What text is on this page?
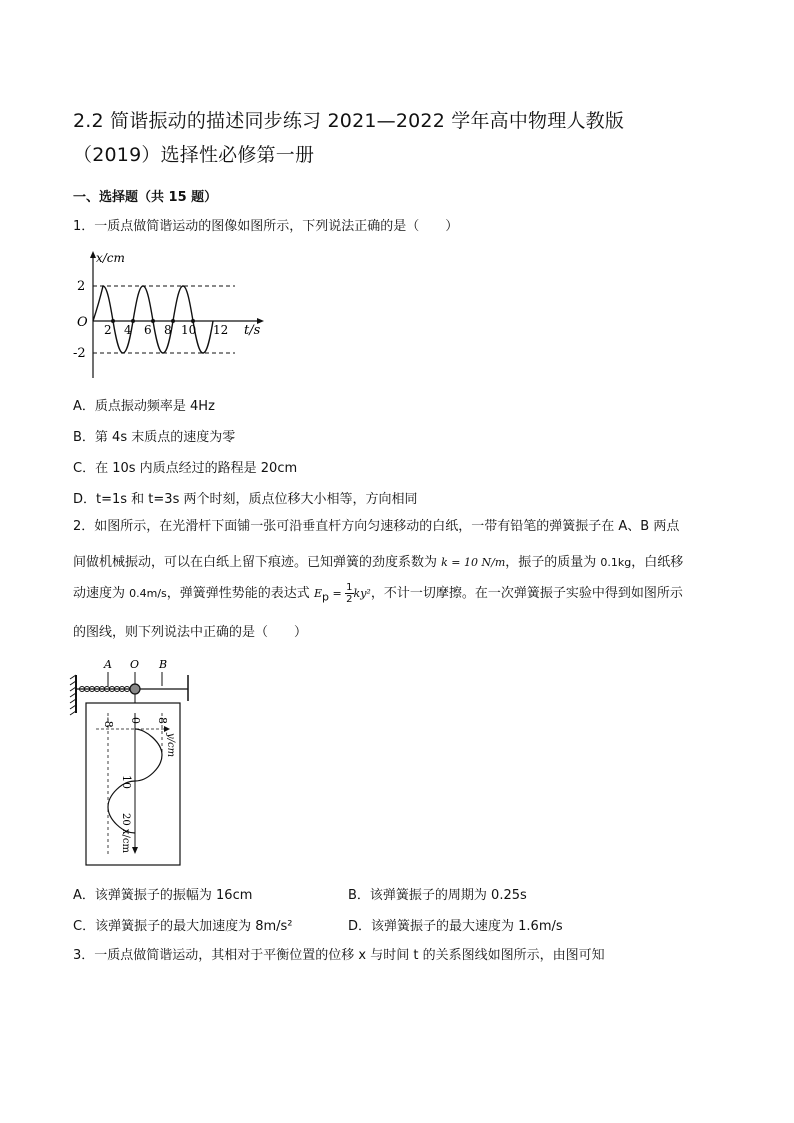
2.2 简谐振动的描述同步练习 2021—2022 学年高中物理人教版

（2019）选择性必修第一册
一、选择题（共 15 题）
1．一质点做简谐运动的图像如图所示，下列说法正确的是（　　）
x/cm
2
-2
O 2 4 6 8 10 12 t/s
A．质点振动频率是 4Hz
B．第 4s 末质点的速度为零
C．在 10s 内质点经过的路程是 20cm
D．t=1s 和 t=3s 两个时刻，质点位移大小相等，方向相同
2．如图所示，在光滑杆下面铺一张可沿垂直杆方向匀速移动的白纸，一带有铅笔的弹簧振子在 A、B 两点
间做机械振动，可以在白纸上留下痕迹。已知弹簧的劲度系数为 k = 10 N/m，振子的质量为 0.1kg，白纸移
动速度为 0.4m/s，弹簧弹性势能的表达式 $E_p = \frac{1}{2} ky^2$，不计一切摩擦。在一次弹簧振子实验中得到如图所示
的图线，则下列说法中正确的是（　　）
A O B
-8 0 8
y/cm
10
20 x/cm
A．该弹簧振子的振幅为 16cm	B．该弹簧振子的周期为 0.25s
C．该弹簧振子的最大加速度为 8m/s²	D．该弹簧振子的最大速度为 1.6m/s
3．一质点做简谐运动，其相对于平衡位置的位移 x 与时间 t 的关系图线如图所示，由图可知
